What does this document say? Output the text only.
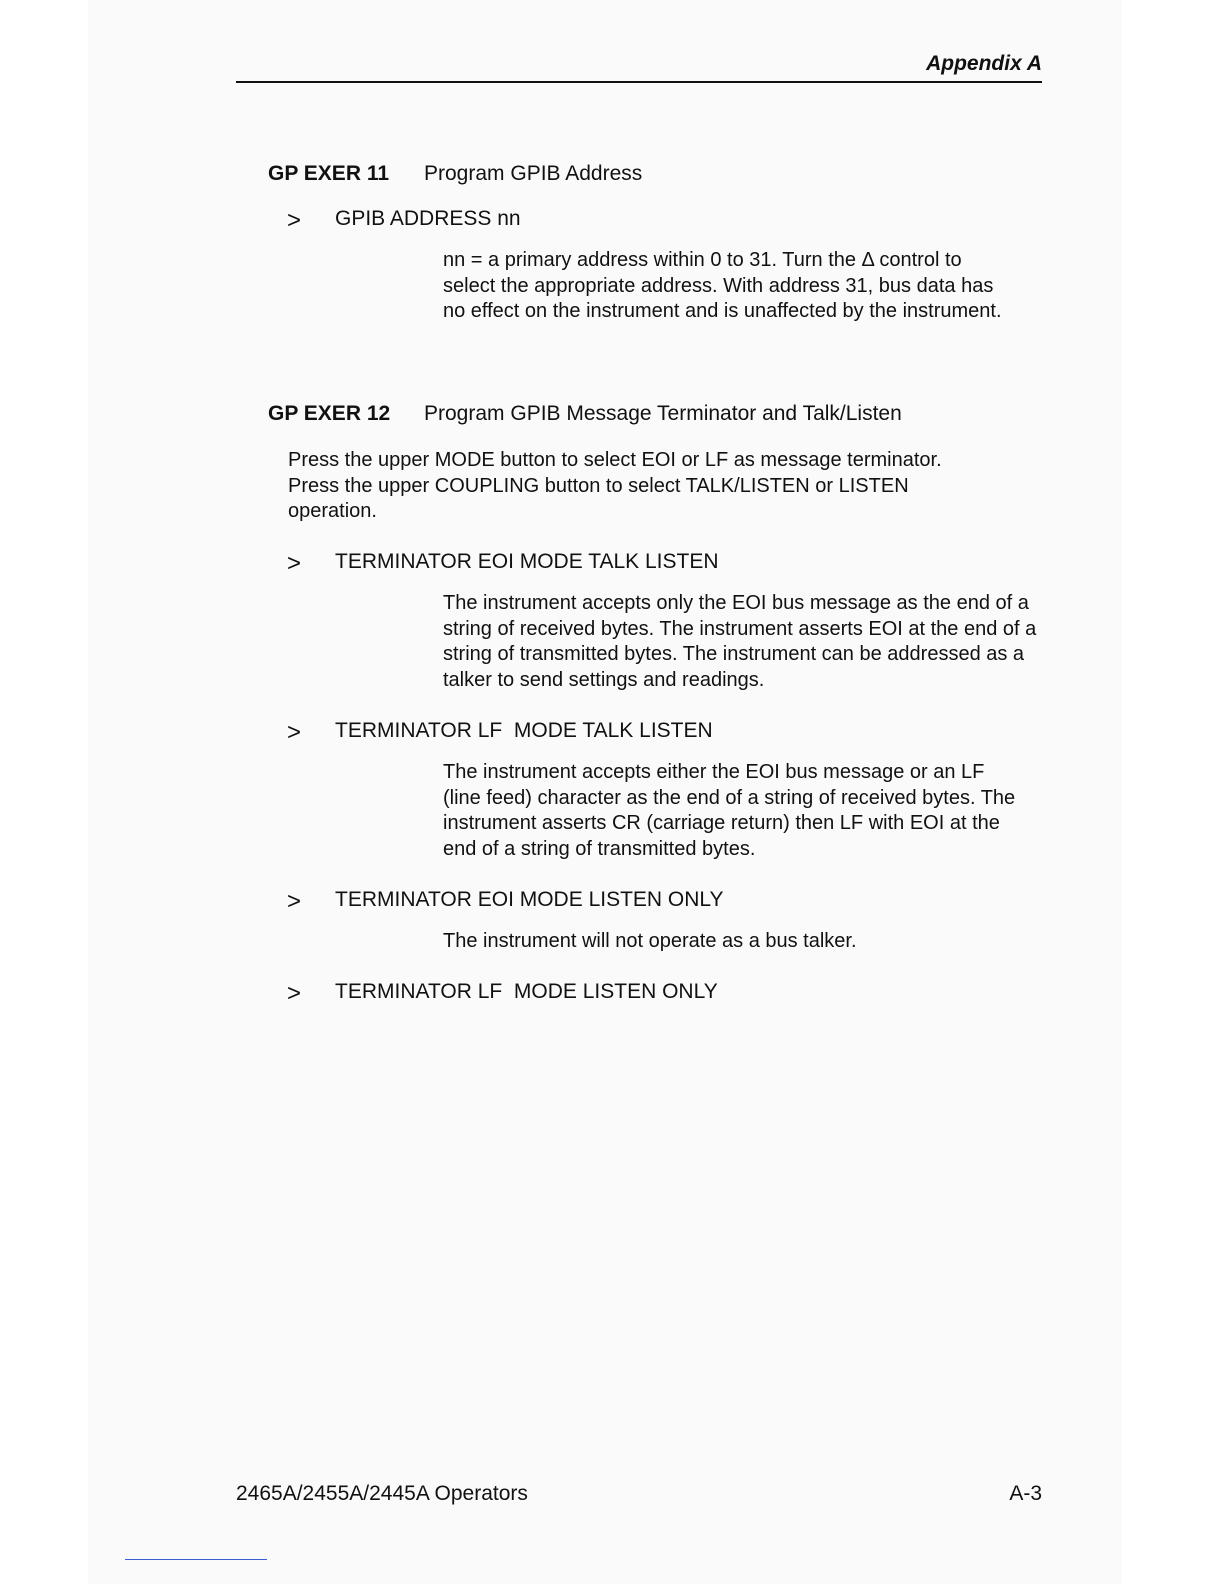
Appendix A
GP EXER 11 Program GPIB Address
> GPIB ADDRESS nn
nn = a primary address within 0 to 31. Turn the Δ control to select the appropriate address. With address 31, bus data has no effect on the instrument and is unaffected by the instrument.
GP EXER 12 Program GPIB Message Terminator and Talk/Listen
Press the upper MODE button to select EOI or LF as message terminator. Press the upper COUPLING button to select TALK/LISTEN or LISTEN operation.
> TERMINATOR EOI MODE TALK LISTEN
The instrument accepts only the EOI bus message as the end of a string of received bytes. The instrument asserts EOI at the end of a string of transmitted bytes. The instrument can be addressed as a talker to send settings and readings.
> TERMINATOR LF  MODE TALK LISTEN
The instrument accepts either the EOI bus message or an LF (line feed) character as the end of a string of received bytes. The instrument asserts CR (carriage return) then LF with EOI at the end of a string of transmitted bytes.
> TERMINATOR EOI MODE LISTEN ONLY
The instrument will not operate as a bus talker.
> TERMINATOR LF  MODE LISTEN ONLY
2465A/2455A/2445A Operators	A-3
